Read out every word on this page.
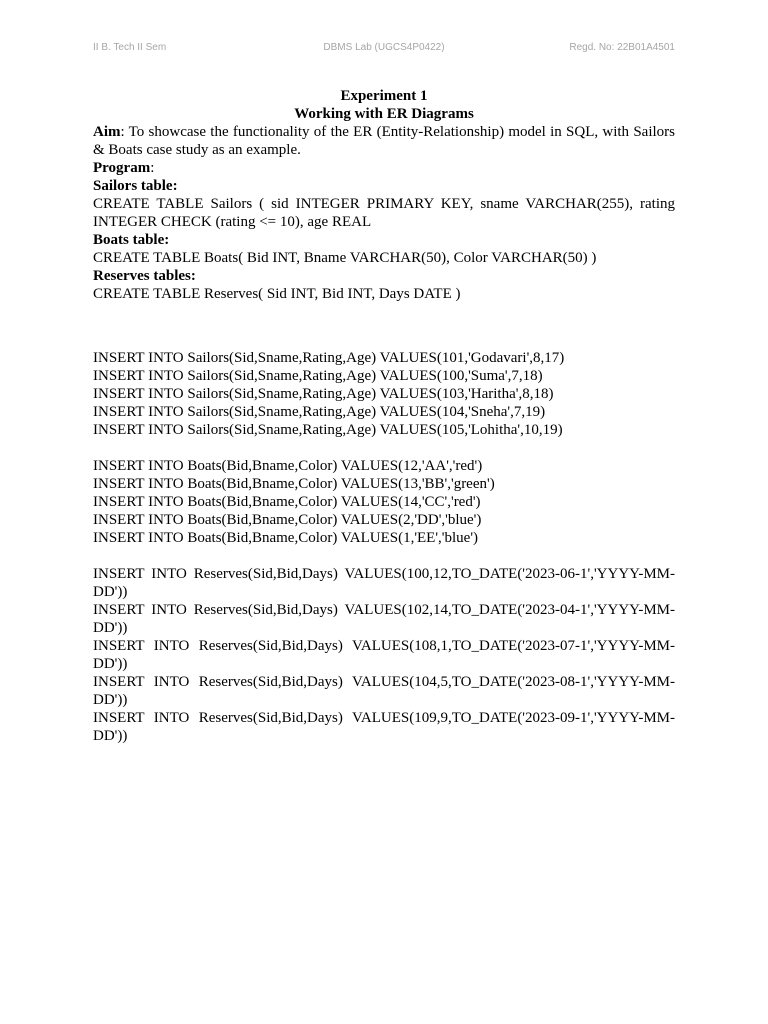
II B. Tech II Sem	DBMS Lab (UGCS4P0422)	Regd. No: 22B01A4501

Experiment 1

Working with ER Diagrams

Aim: To showcase the functionality of the ER (Entity-Relationship) model in SQL, with Sailors & Boats case study as an example.

Program:

Sailors table:

CREATE TABLE Sailors ( sid INTEGER PRIMARY KEY, sname VARCHAR(255), rating INTEGER CHECK (rating <= 10), age REAL

Boats table:

CREATE TABLE Boats( Bid INT, Bname VARCHAR(50), Color VARCHAR(50) )

Reserves tables:

CREATE TABLE Reserves( Sid INT, Bid INT, Days DATE )

INSERT INTO Sailors(Sid,Sname,Rating,Age) VALUES(101,'Godavari',8,17)

INSERT INTO Sailors(Sid,Sname,Rating,Age) VALUES(100,'Suma',7,18)

INSERT INTO Sailors(Sid,Sname,Rating,Age) VALUES(103,'Haritha',8,18)

INSERT INTO Sailors(Sid,Sname,Rating,Age) VALUES(104,'Sneha',7,19)

INSERT INTO Sailors(Sid,Sname,Rating,Age) VALUES(105,'Lohitha',10,19)

INSERT INTO Boats(Bid,Bname,Color) VALUES(12,'AA','red')

INSERT INTO Boats(Bid,Bname,Color) VALUES(13,'BB','green')

INSERT INTO Boats(Bid,Bname,Color) VALUES(14,'CC','red')

INSERT INTO Boats(Bid,Bname,Color) VALUES(2,'DD','blue')

INSERT INTO Boats(Bid,Bname,Color) VALUES(1,'EE','blue')

INSERT INTO Reserves(Sid,Bid,Days) VALUES(100,12,TO_DATE('2023-06-1','YYYY-MM-DD'))

INSERT INTO Reserves(Sid,Bid,Days) VALUES(102,14,TO_DATE('2023-04-1','YYYY-MM-DD'))

INSERT INTO Reserves(Sid,Bid,Days) VALUES(108,1,TO_DATE('2023-07-1','YYYY-MM-DD'))

INSERT INTO Reserves(Sid,Bid,Days) VALUES(104,5,TO_DATE('2023-08-1','YYYY-MM-DD'))

INSERT INTO Reserves(Sid,Bid,Days) VALUES(109,9,TO_DATE('2023-09-1','YYYY-MM-DD'))
